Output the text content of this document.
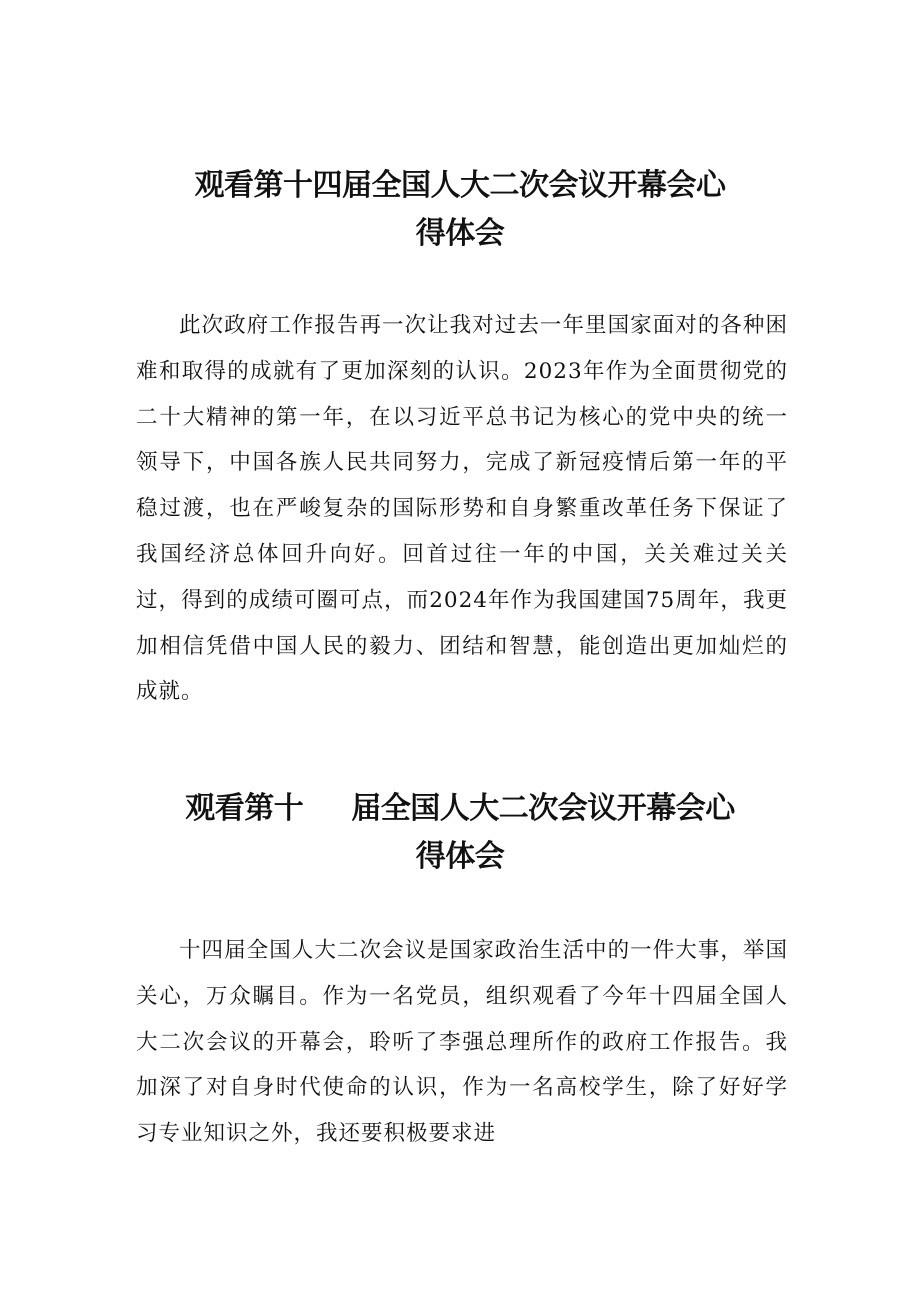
观看第十四届全国人大二次会议开幕会心
得体会

此次政府工作报告再一次让我对过去一年里国家面对的各种困难和取得的成就有了更加深刻的认识。2023年作为全面贯彻党的二十大精神的第一年，在以习近平总书记为核心的党中央的统一领导下，中国各族人民共同努力，完成了新冠疫情后第一年的平稳过渡，也在严峻复杂的国际形势和自身繁重改革任务下保证了我国经济总体回升向好。回首过往一年的中国，关关难过关关过，得到的成绩可圈可点，而2024年作为我国建国75周年，我更加相信凭借中国人民的毅力、团结和智慧，能创造出更加灿烂的成就。

观看第十 届全国人大二次会议开幕会心
得体会

十四届全国人大二次会议是国家政治生活中的一件大事，举国关心，万众瞩目。作为一名党员，组织观看了今年十四届全国人大二次会议的开幕会，聆听了李强总理所作的政府工作报告。我加深了对自身时代使命的认识，作为一名高校学生，除了好好学习专业知识之外，我还要积极要求进
